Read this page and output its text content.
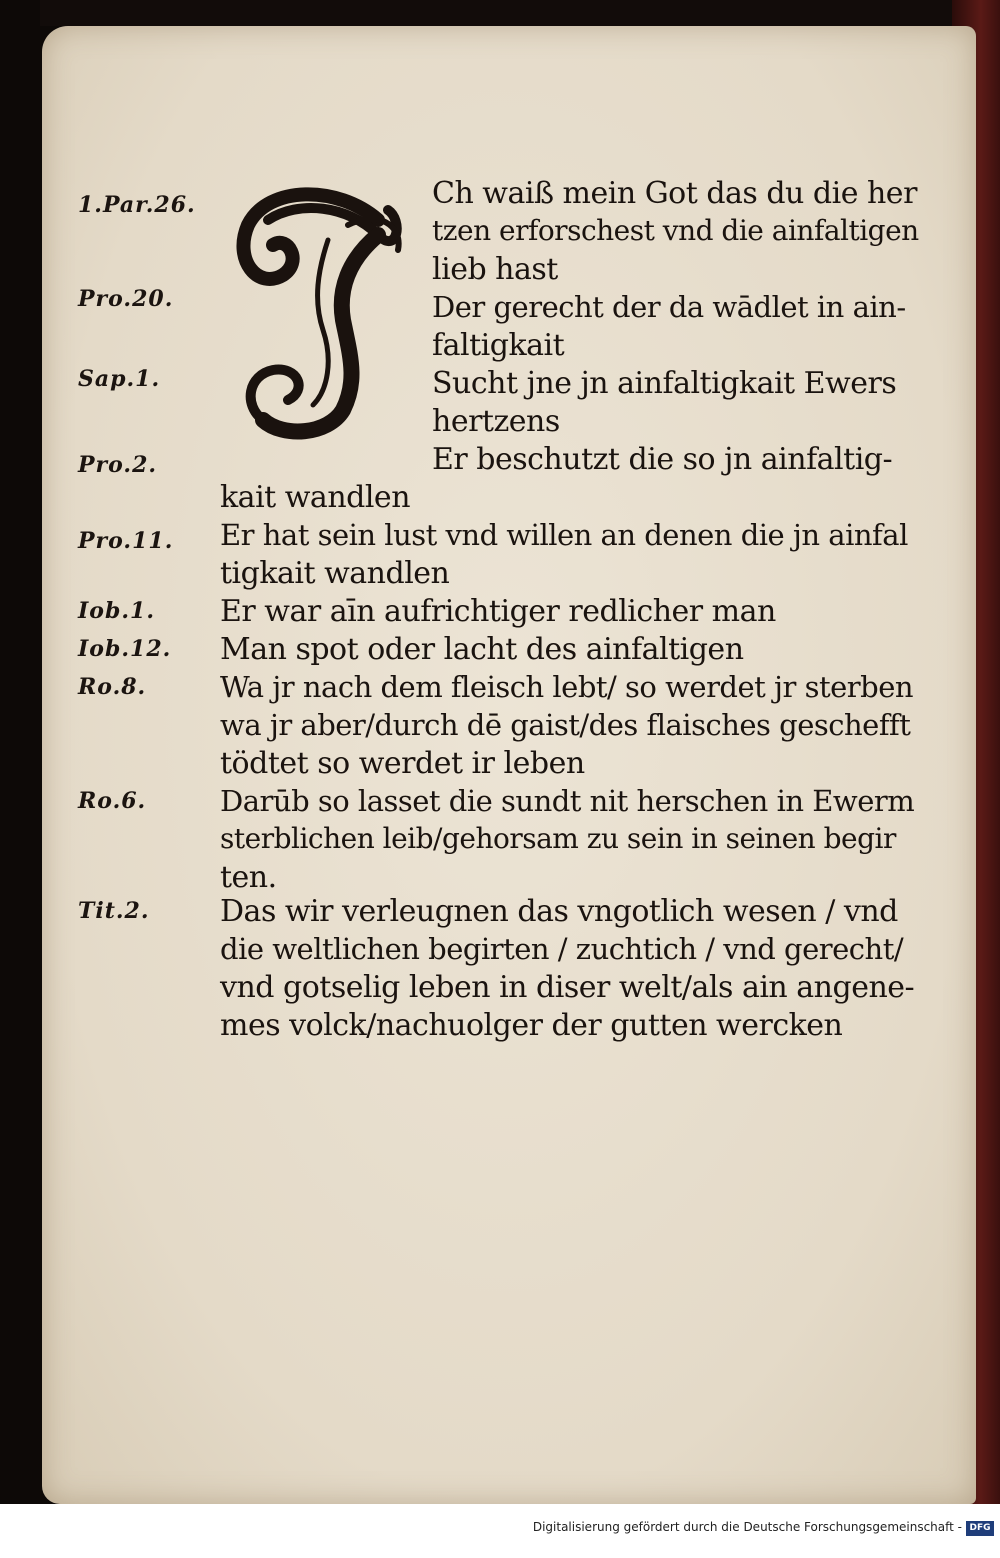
1.Par.26.
Pro.20.
Sap.1.
Pro.2.
Pro.11.
Iob.1.
Iob.12.
Ro.8.
Ro.6.
Tit.2.
Ch waiß mein Got das du die her
tzen erforschest vnd die ainfaltigen
lieb hast
Der gerecht der da wādlet in ain-
faltigkait
Sucht jne jn ainfaltigkait Ewers
hertzens
Er beschutzt die so jn ainfaltig-
kait wandlen
Er hat sein lust vnd willen an denen die jn ainfal
tigkait wandlen
Er war aīn aufrichtiger redlicher man
Man spot oder lacht des ainfaltigen
Wa jr nach dem fleisch lebt/ so werdet jr sterben
wa jr aber/durch dē gaist/des flaisches geschefft
tödtet so werdet ir leben
Darūb so lasset die sundt nit herschen in Ewerm
sterblichen leib/gehorsam zu sein in seinen begir
ten.
Das wir verleugnen das vngotlich wesen / vnd
die weltlichen begirten / zuchtich / vnd gerecht/
vnd gotselig leben in diser welt/als ain angene-
mes volck/nachuolger der gutten wercken
Digitalisierung gefördert durch die Deutsche Forschungsgemeinschaft - DFG
